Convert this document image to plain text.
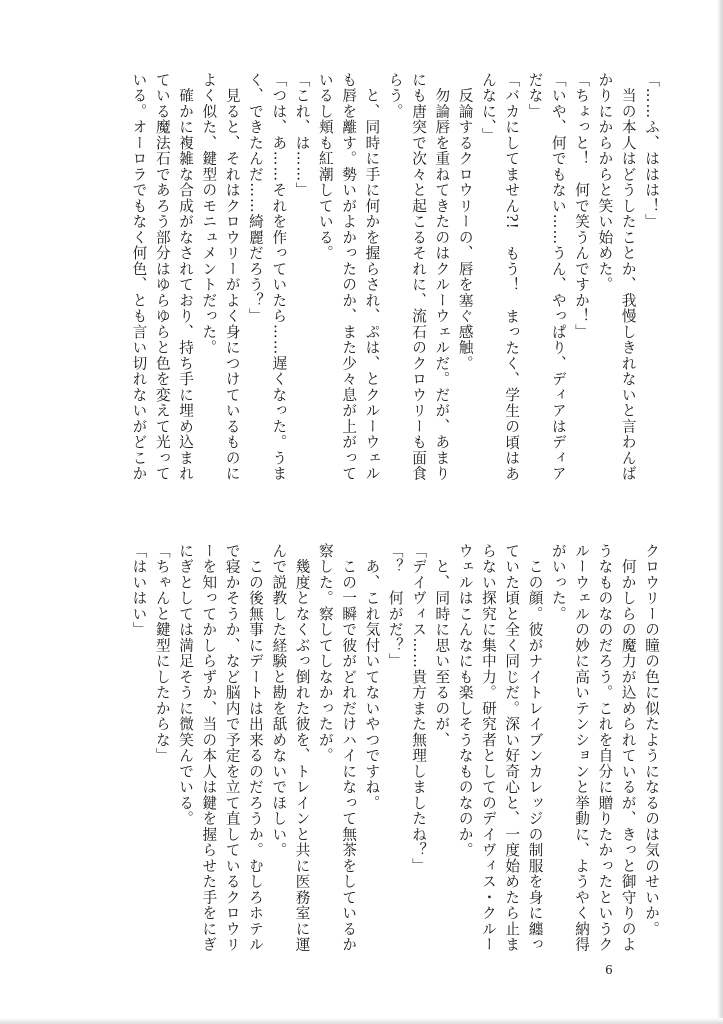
「……ふ、ははは！」
　当の本人はどうしたことか、我慢しきれないと言わんば
かりにからからと笑い始めた。
「ちょっと！　何で笑うんですか！」
「いや、何でもない……うん、やっぱり、ディアはディア
だな」
「バカにしてません?!　もう！　まったく、学生の頃はあ
んなに、」
　反論するクロウリーの、唇を塞ぐ感触。
　勿論唇を重ねてきたのはクルーウェルだ。だが、あまり
にも唐突で次々と起こるそれに、流石のクロウリーも面食
らう。
　と、同時に手に何かを握らされ、ぷは、とクルーウェル
も唇を離す。勢いがよかったのか、また少々息が上がって
いるし頬も紅潮している。
「これ、は……」
「つは、あ……それを作っていたら……遅くなった。うま
く、できたんだ……綺麗だろう？」
　見ると、それはクロウリーがよく身につけているものに
よく似た、鍵型のモニュメントだった。
　確かに複雑な合成がなされており、持ち手に埋め込まれ
ている魔法石であろう部分はゆらゆらと色を変えて光って
いる。オーロラでもなく何色、とも言い切れないがどこか
クロウリーの瞳の色に似たようになるのは気のせいか。
　何かしらの魔力が込められているが、きっと御守りのよ
うなものなのだろう。これを自分に贈りたかったというク
ルーウェルの妙に高いテンションと挙動に、ようやく納得
がいった。
　この顔。彼がナイトレイブンカレッジの制服を身に纏っ
ていた頃と全く同じだ。深い好奇心と、一度始めたら止ま
らない探究に集中力。研究者としてのデイヴィス・クルー
ウェルはこんなにも楽しそうなものなのか。
　と、同時に思い至るのが、
「デイヴィス……貴方また無理しましたね？」
「？　何がだ？」
　あ、これ気付いてないやつですね。
　この一瞬で彼がどれだけハイになって無茶をしているか
察した。察してしなかったが。
　幾度となくぶっ倒れた彼を、トレインと共に医務室に運
んで説教した経験と勘を舐めないでほしい。
　この後無事にデートは出来るのだろうか。むしろホテル
で寝かそうか、など脳内で予定を立て直しているクロウリ
ーを知ってかしらずか、当の本人は鍵を握らせた手をにぎ
にぎとしては満足そうに微笑んでいる。
「ちゃんと鍵型にしたからな」
「はいはい」
6
